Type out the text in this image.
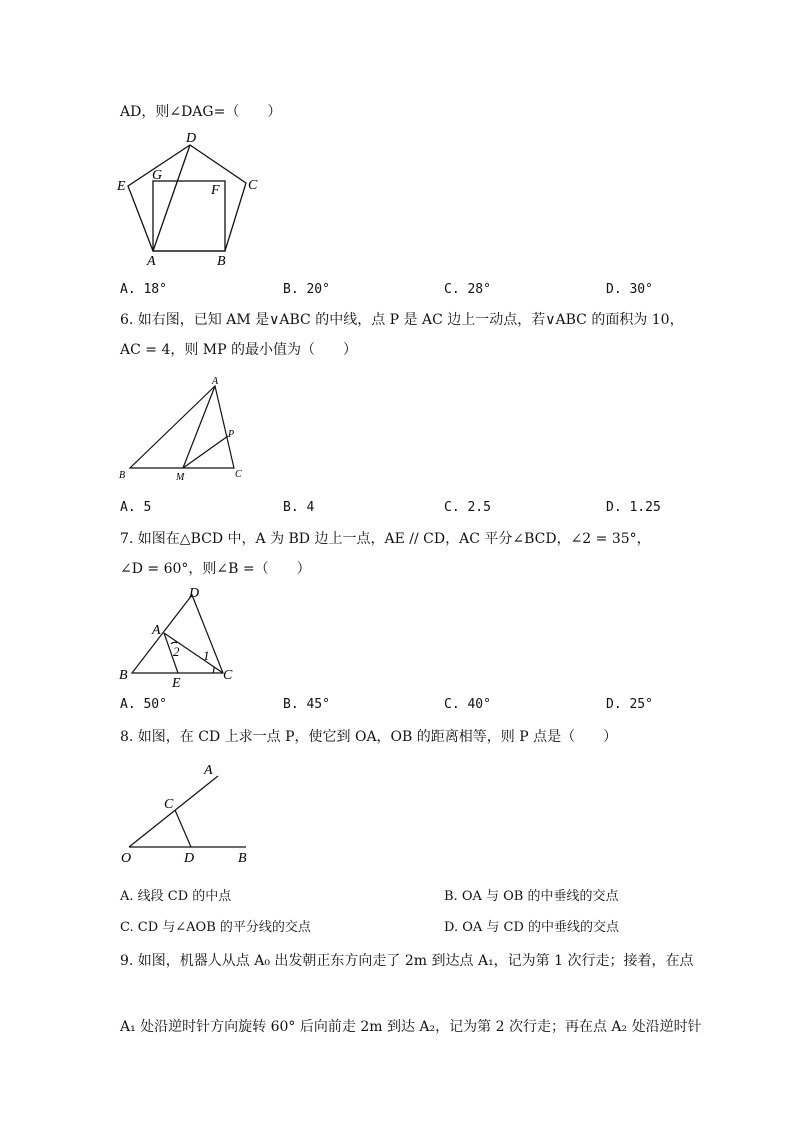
AD，则∠DAG=（　　）
D
E
G
F C
A	B
A. 18°	B. 20°	C. 28°	D. 30°
6. 如右图，已知 AM 是∨ABC 的中线，点 P 是 AC 边上一动点，若∨ABC 的面积为 10，
AC = 4，则 MP 的最小值为（　　）
A
P
B	M	C
A. 5	B. 4	C. 2.5	D. 1.25
7. 如图在△BCD 中，A 为 BD 边上一点，AE // CD，AC 平分∠BCD，∠2 = 35°，
∠D = 60°，则∠B =（　　）
D
A
2 1
B
E
C
A. 50°	B. 45°	C. 40°	D. 25°
8. 如图，在 CD 上求一点 P，使它到 OA，OB 的距离相等，则 P 点是（　　）
A
C
O	D	B
A. 线段 CD 的中点	B. OA 与 OB 的中垂线的交点
C. CD 与∠AOB 的平分线的交点	D. OA 与 CD 的中垂线的交点
9. 如图，机器人从点 A₀ 出发朝正东方向走了 2m 到达点 A₁，记为第 1 次行走；接着，在点
A₁ 处沿逆时针方向旋转 60° 后向前走 2m 到达 A₂，记为第 2 次行走；再在点 A₂ 处沿逆时针
